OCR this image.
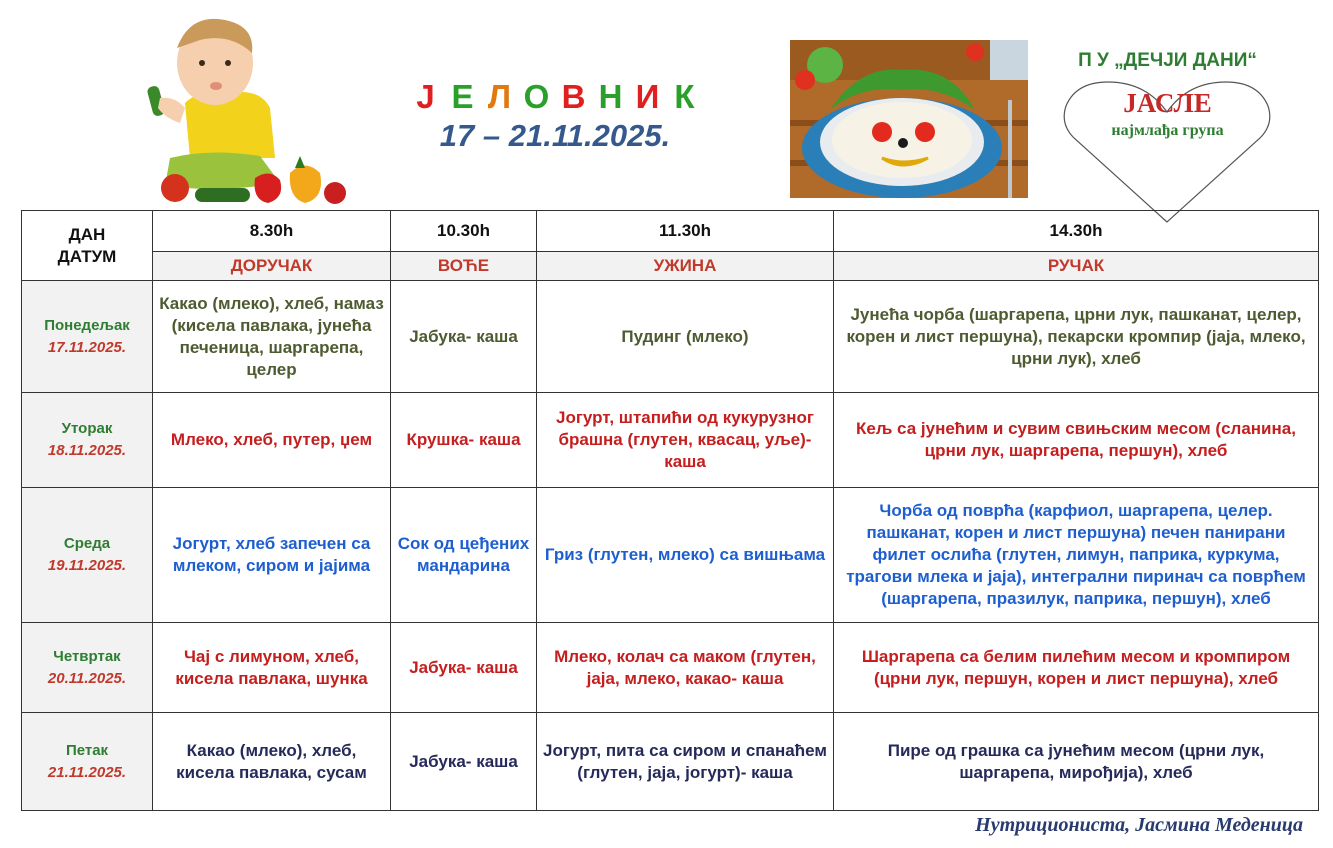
Ј Е Л О В Н И К
17 – 21.11.2025.
П У „ДЕЧЈИ ДАНИ“
ЈАСЛЕ
најмлађа група
ДАН
ДАТУМ	8.30h	10.30h	11.30h	14.30h
	ДОРУЧАК	ВОЋЕ	УЖИНА	РУЧАК

Понедељак
17.11.2025.	Какао (млеко), хлеб, намаз (кисела павлака, јунећа печеница, шаргарепа, целер	Јабука- каша	Пудинг (млеко)	Јунећа чорба (шаргарепа, црни лук, пашканат, целер, корен и лист першуна), пекарски кромпир (јаја, млеко, црни лук), хлеб

Уторак
18.11.2025.	Млеко, хлеб, путер, џем	Крушка- каша	Јогурт, штапићи од кукурузног брашна (глутен, квасац, уље)- каша	Кељ са јунећим и сувим свињским месом (сланина, црни лук, шаргарепа, першун), хлеб

Среда
19.11.2025.	Јогурт, хлеб запечен са млеком, сиром и јајима	Сок од цеђених мандарина	Гриз (глутен, млеко) са вишњама	Чорба од поврћа (карфиол, шаргарепа, целер. пашканат, корен и лист першуна) печен панирани филет ослића (глутен, лимун, паприка, куркума, трагови млека и јаја), интегрални пиринач са поврћем (шаргарепа, празилук, паприка, першун), хлеб

Четвртак
20.11.2025.	Чај с лимуном, хлеб, кисела павлака, шунка	Јабука- каша	Млеко, колач са маком (глутен, јаја, млеко, какао- каша	Шаргарепа са белим пилећим месом и кромпиром (црни лук, першун, корен и лист першуна), хлеб

Петак
21.11.2025.	Какао (млеко), хлеб, кисела павлака, сусам	Јабука- каша	Јогурт, пита са сиром и спанаћем (глутен, јаја, јогурт)- каша	Пире од грашка са јунећим месом (црни лук, шаргарепа, мирођија), хлеб
Нутриционистa, Јасмина Меденица
